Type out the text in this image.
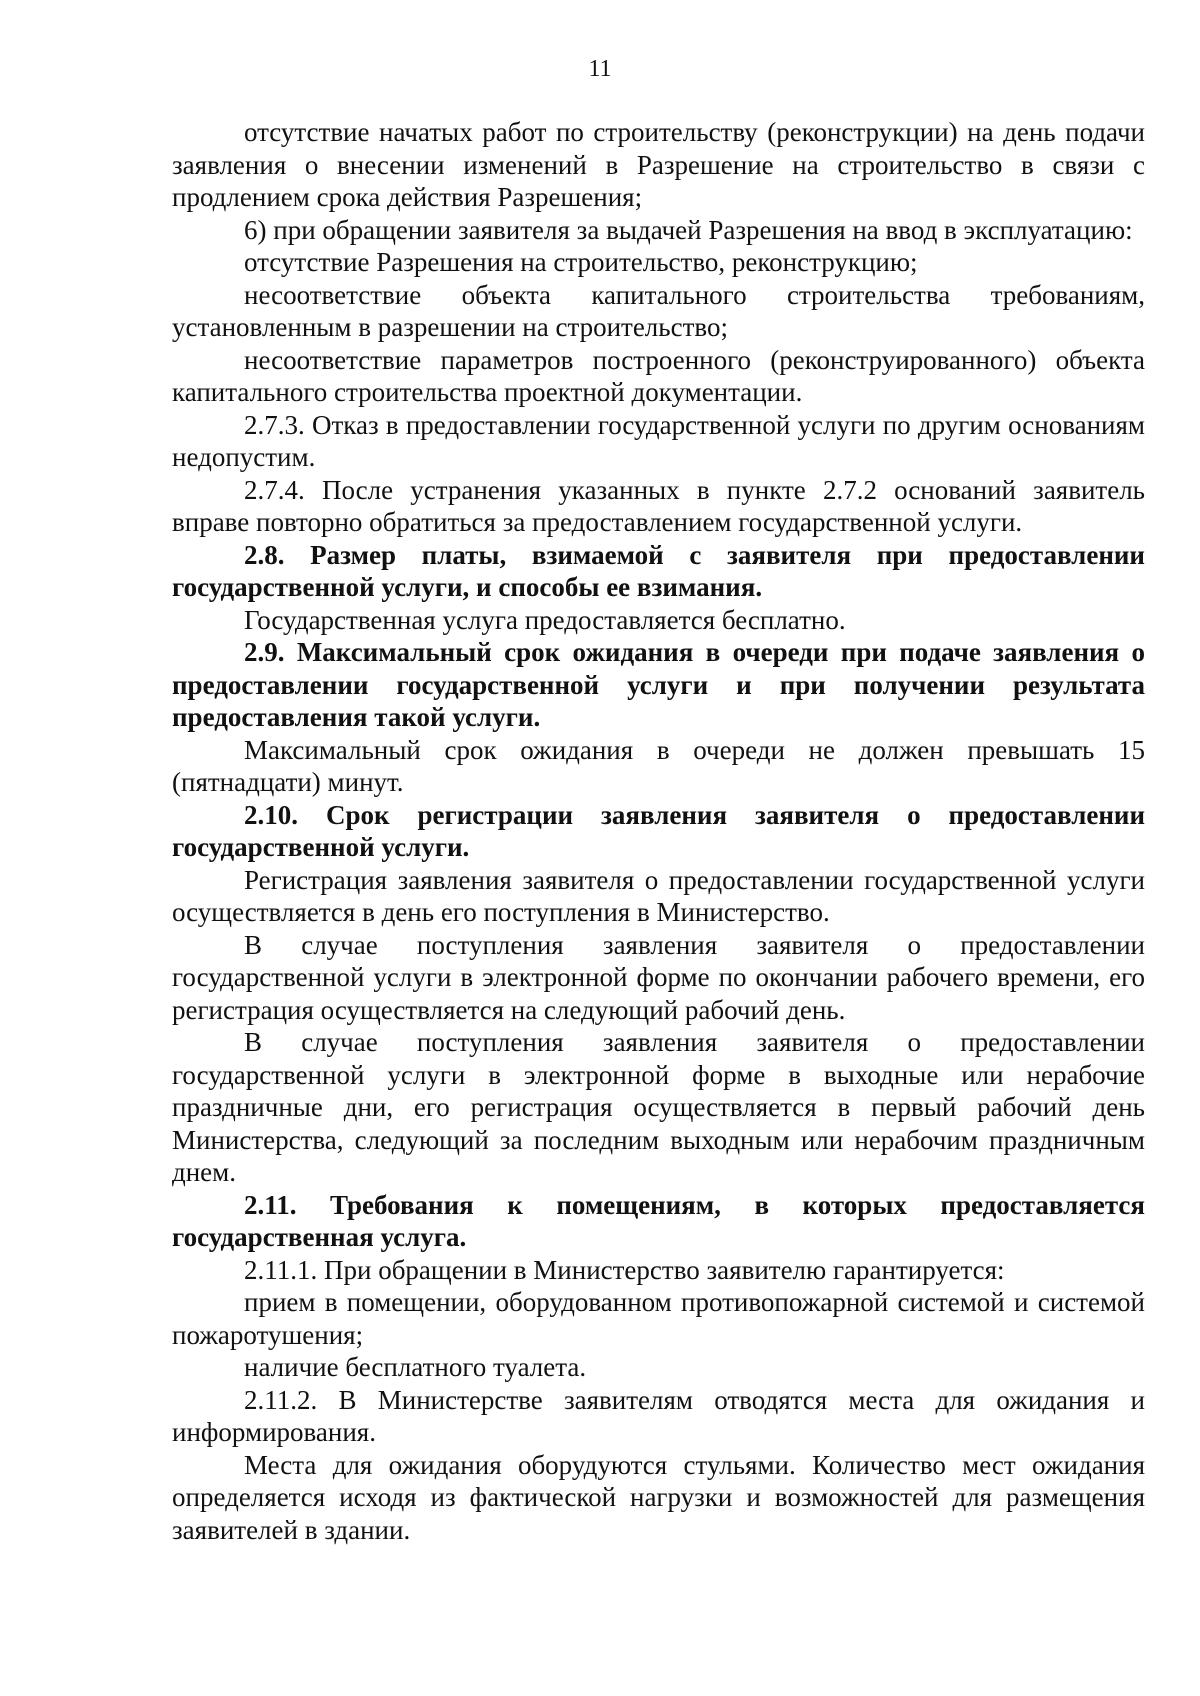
11

отсутствие начатых работ по строительству (реконструкции) на день подачи заявления о внесении изменений в Разрешение на строительство в связи с продлением срока действия Разрешения;

6) при обращении заявителя за выдачей Разрешения на ввод в эксплуатацию:

отсутствие Разрешения на строительство, реконструкцию;

несоответствие объекта капитального строительства требованиям, установленным в разрешении на строительство;

несоответствие параметров построенного (реконструированного) объекта капитального строительства проектной документации.

2.7.3. Отказ в предоставлении государственной услуги по другим основаниям недопустим.

2.7.4. После устранения указанных в пункте 2.7.2 оснований заявитель вправе повторно обратиться за предоставлением государственной услуги.

2.8. Размер платы, взимаемой с заявителя при предоставлении государственной услуги, и способы ее взимания.

Государственная услуга предоставляется бесплатно.

2.9. Максимальный срок ожидания в очереди при подаче заявления о предоставлении государственной услуги и при получении результата предоставления такой услуги.

Максимальный срок ожидания в очереди не должен превышать 15 (пятнадцати) минут.

2.10. Срок регистрации заявления заявителя о предоставлении государственной услуги.

Регистрация заявления заявителя о предоставлении государственной услуги осуществляется в день его поступления в Министерство.

В случае поступления заявления заявителя о предоставлении государственной услуги в электронной форме по окончании рабочего времени, его регистрация осуществляется на следующий рабочий день.

В случае поступления заявления заявителя о предоставлении государственной услуги в электронной форме в выходные или нерабочие праздничные дни, его регистрация осуществляется в первый рабочий день Министерства, следующий за последним выходным или нерабочим праздничным днем.

2.11. Требования к помещениям, в которых предоставляется государственная услуга.

2.11.1. При обращении в Министерство заявителю гарантируется:

прием в помещении, оборудованном противопожарной системой и системой пожаротушения;

наличие бесплатного туалета.

2.11.2. В Министерстве заявителям отводятся места для ожидания и информирования.

Места для ожидания оборудуются стульями. Количество мест ожидания определяется исходя из фактической нагрузки и возможностей для размещения заявителей в здании.
